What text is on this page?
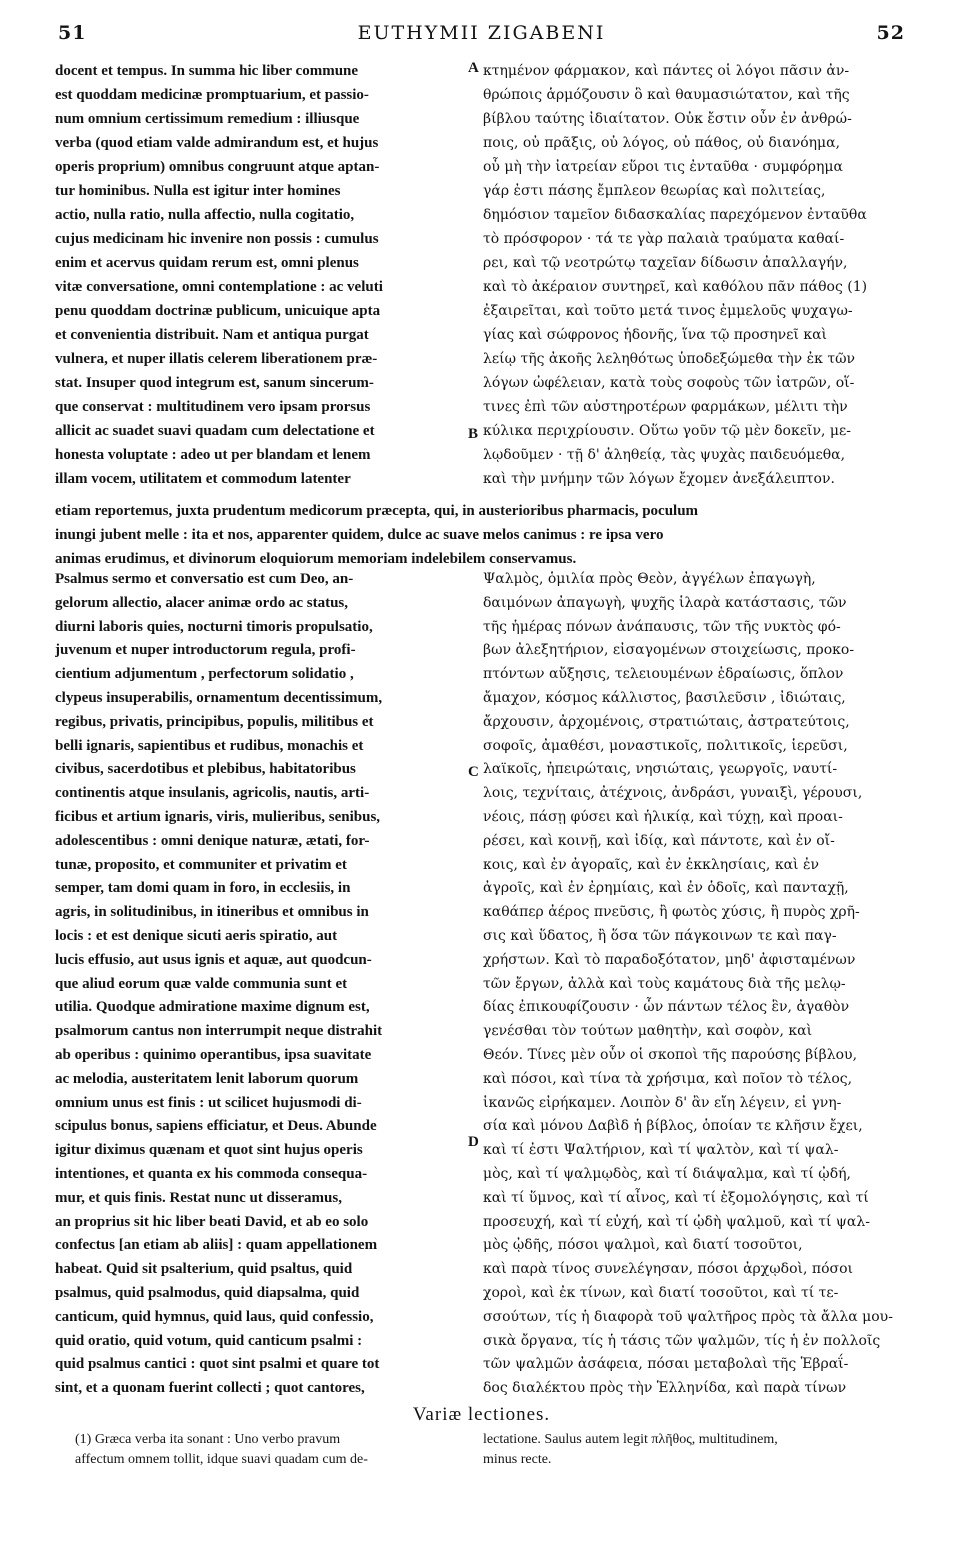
51	EUTHYMII ZIGABENI	52
docent et tempus. In summa hic liber commune
est quoddam medicinæ promptuarium, et passio-
num omnium certissimum remedium : illiusque
verba (quod etiam valde admirandum est, et hujus
operis proprium) omnibus congruunt atque aptan-
tur hominibus. Nulla est igitur inter homines
actio, nulla ratio, nulla affectio, nulla cogitatio,
cujus medicinam hic invenire non possis : cumulus
enim et acervus quidam rerum est, omni plenus
vitæ conversatione, omni contemplatione : ac veluti
penu quoddam doctrinæ publicum, unicuique apta
et convenientia distribuit. Nam et antiqua purgat
vulnera, et nuper illatis celerem liberationem præ-
stat. Insuper quod integrum est, sanum sincerum-
que conservat : multitudinem vero ipsam prorsus
allicit ac suadet suavi quadam cum delectatione et
honesta voluptate : adeo ut per blandam et lenem
illam vocem, utilitatem et commodum latenter
κτημένον φάρμακον, καὶ πάντες οἱ λόγοι πᾶσιν ἀν-
θρώποις ἁρμόζουσιν ὃ καὶ θαυμασιώτατον, καὶ τῆς
βίβλου ταύτης ἰδιαίτατον. Οὐκ ἔστιν οὖν ἐν ἀνθρώ-
ποις, οὐ πρᾶξις, οὐ λόγος, οὐ πάθος, οὐ διανόημα,
οὗ μὴ τὴν ἰατρείαν εὕροι τις ἐνταῦθα · συμφόρημα
γάρ ἐστι πάσης ἔμπλεον θεωρίας καὶ πολιτείας,
δημόσιον ταμεῖον διδασκαλίας παρεχόμενον ἐνταῦθα
τὸ πρόσφορον · τά τε γὰρ παλαιὰ τραύματα καθαί-
ρει, καὶ τῷ νεοτρώτῳ ταχεῖαν δίδωσιν ἀπαλλαγήν,
καὶ τὸ ἀκέραιον συντηρεῖ, καὶ καθόλου πᾶν πάθος (1)
ἐξαιρεῖται, καὶ τοῦτο μετά τινος ἐμμελοῦς ψυχαγω-
γίας καὶ σώφρονος ἡδονῆς, ἵνα τῷ προσηνεῖ καὶ
λείῳ τῆς ἀκοῆς λεληθότως ὑποδεξώμεθα τὴν ἐκ τῶν
λόγων ὠφέλειαν, κατὰ τοὺς σοφοὺς τῶν ἰατρῶν, οἵ-
τινες ἐπὶ τῶν αὐστηροτέρων φαρμάκων, μέλιτι τὴν
κύλικα περιχρίουσιν. Οὕτω γοῦν τῷ μὲν δοκεῖν, με-
λῳδοῦμεν · τῇ δ' ἀληθείᾳ, τὰς ψυχὰς παιδευόμεθα,
καὶ τὴν μνήμην τῶν λόγων ἔχομεν ἀνεξάλειπτον.
etiam reportemus, juxta prudentum medicorum præcepta, qui, in austerioribus pharmacis, poculum
inungi jubent melle : ita et nos, apparenter quidem, dulce ac suave melos canimus : re ipsa vero
animas erudimus, et divinorum eloquiorum memoriam indelebilem conservamus.
Psalmus sermo et conversatio est cum Deo, an-
gelorum allectio, alacer animæ ordo ac status,
diurni laboris quies, nocturni timoris propulsatio,
juvenum et nuper introductorum regula, profi-
cientium adjumentum , perfectorum solidatio ,
clypeus insuperabilis, ornamentum decentissimum,
regibus, privatis, principibus, populis, militibus et
belli ignaris, sapientibus et rudibus, monachis et
civibus, sacerdotibus et plebibus, habitatoribus
continentis atque insulanis, agricolis, nautis, arti-
ficibus et artium ignaris, viris, mulieribus, senibus,
adolescentibus : omni denique naturæ, ætati, for-
tunæ, proposito, et communiter et privatim et
semper, tam domi quam in foro, in ecclesiis, in
agris, in solitudinibus, in itineribus et omnibus in
locis : et est denique sicuti aeris spiratio, aut
lucis effusio, aut usus ignis et aquæ, aut quodcun-
que aliud eorum quæ valde communia sunt et
utilia. Quodque admiratione maxime dignum est,
psalmorum cantus non interrumpit neque distrahit
ab operibus : quinimo operantibus, ipsa suavitate
ac melodia, austeritatem lenit laborum quorum
omnium unus est finis : ut scilicet hujusmodi di-
scipulus bonus, sapiens efficiatur, et Deus. Abunde
igitur diximus quænam et quot sint hujus operis
intentiones, et quanta ex his commoda consequa-
mur, et quis finis. Restat nunc ut disseramus,
an proprius sit hic liber beati David, et ab eo solo
confectus [an etiam ab aliis] : quam appellationem
habeat. Quid sit psalterium, quid psaltus, quid
psalmus, quid psalmodus, quid diapsalma, quid
canticum, quid hymnus, quid laus, quid confessio,
quid oratio, quid votum, quid canticum psalmi :
quid psalmus cantici : quot sint psalmi et quare tot
sint, et a quonam fuerint collecti ; quot cantores,
Ψαλμὸς, ὁμιλία πρὸς Θεὸν, ἀγγέλων ἐπαγωγὴ,
δαιμόνων ἀπαγωγὴ, ψυχῆς ἱλαρὰ κατάστασις, τῶν
τῆς ἡμέρας πόνων ἀνάπαυσις, τῶν τῆς νυκτὸς φό-
βων ἀλεξητήριον, εἰσαγομένων στοιχείωσις, προκο-
πτόντων αὔξησις, τελειουμένων ἑδραίωσις, ὅπλον
ἄμαχον, κόσμος κάλλιστος, βασιλεῦσιν , ἰδιώταις,
ἄρχουσιν, ἀρχομένοις, στρατιώταις, ἀστρατεύτοις,
σοφοῖς, ἀμαθέσι, μοναστικοῖς, πολιτικοῖς, ἱερεῦσι,
λαϊκοῖς, ἠπειρώταις, νησιώταις, γεωργοῖς, ναυτί-
λοις, τεχνίταις, ἀτέχνοις, ἀνδράσι, γυναιξὶ, γέρουσι,
νέοις, πάσῃ φύσει καὶ ἡλικίᾳ, καὶ τύχῃ, καὶ προαι-
ρέσει, καὶ κοινῇ, καὶ ἰδίᾳ, καὶ πάντοτε, καὶ ἐν οἴ-
κοις, καὶ ἐν ἀγοραῖς, καὶ ἐν ἐκκλησίαις, καὶ ἐν
ἀγροῖς, καὶ ἐν ἐρημίαις, καὶ ἐν ὁδοῖς, καὶ πανταχῇ,
καθάπερ ἀέρος πνεῦσις, ἢ φωτὸς χύσις, ἢ πυρὸς χρῆ-
σις καὶ ὕδατος, ἢ ὅσα τῶν πάγκοινων τε καὶ παγ-
χρήστων. Καὶ τὸ παραδοξότατον, μηδ' ἀφισταμένων
τῶν ἔργων, ἀλλὰ καὶ τοὺς καμάτους διὰ τῆς μελῳ-
δίας ἐπικουφίζουσιν · ὧν πάντων τέλος ἓν, ἀγαθὸν
γενέσθαι τὸν τούτων μαθητὴν, καὶ σοφὸν, καὶ
Θεόν. Τίνες μὲν οὖν οἱ σκοποὶ τῆς παρούσης βίβλου,
καὶ πόσοι, καὶ τίνα τὰ χρήσιμα, καὶ ποῖον τὸ τέλος,
ἱκανῶς εἰρήκαμεν. Λοιπὸν δ' ἂν εἴη λέγειν, εἰ γνη-
σία καὶ μόνου Δαβὶδ ἡ βίβλος, ὁποίαν τε κλῆσιν ἔχει,
καὶ τί ἐστι Ψαλτήριον, καὶ τί ψαλτὸν, καὶ τί ψαλ-
μὸς, καὶ τί ψαλμῳδὸς, καὶ τί διάψαλμα, καὶ τί ᾠδή,
καὶ τί ὕμνος, καὶ τί αἶνος, καὶ τί ἐξομολόγησις, καὶ τί
προσευχή, καὶ τί εὐχή, καὶ τί ᾠδὴ ψαλμοῦ, καὶ τί ψαλ-
μὸς ᾠδῆς, πόσοι ψαλμοὶ, καὶ διατί τοσοῦτοι,
καὶ παρὰ τίνος συνελέγησαν, πόσοι ἀρχῳδοὶ, πόσοι
χοροὶ, καὶ ἐκ τίνων, καὶ διατί τοσοῦτοι, καὶ τί τε-
σσούτων, τίς ἡ διαφορὰ τοῦ ψαλτῆρος πρὸς τὰ ἄλλα μου-
σικὰ ὄργανα, τίς ἡ τάσις τῶν ψαλμῶν, τίς ἡ ἐν πολλοῖς
τῶν ψαλμῶν ἀσάφεια, πόσαι μεταβολαὶ τῆς Ἑβραΐ-
δος διαλέκτου πρὸς τὴν Ἑλληνίδα, καὶ παρὰ τίνων
A
B
C
D
Variæ lectiones.
(1) Græca verba ita sonant : Uno verbo pravum
affectum omnem tollit, idque suavi quadam cum de-
lectatione. Saulus autem legit πλῆθος, multitudinem,
minus recte.
